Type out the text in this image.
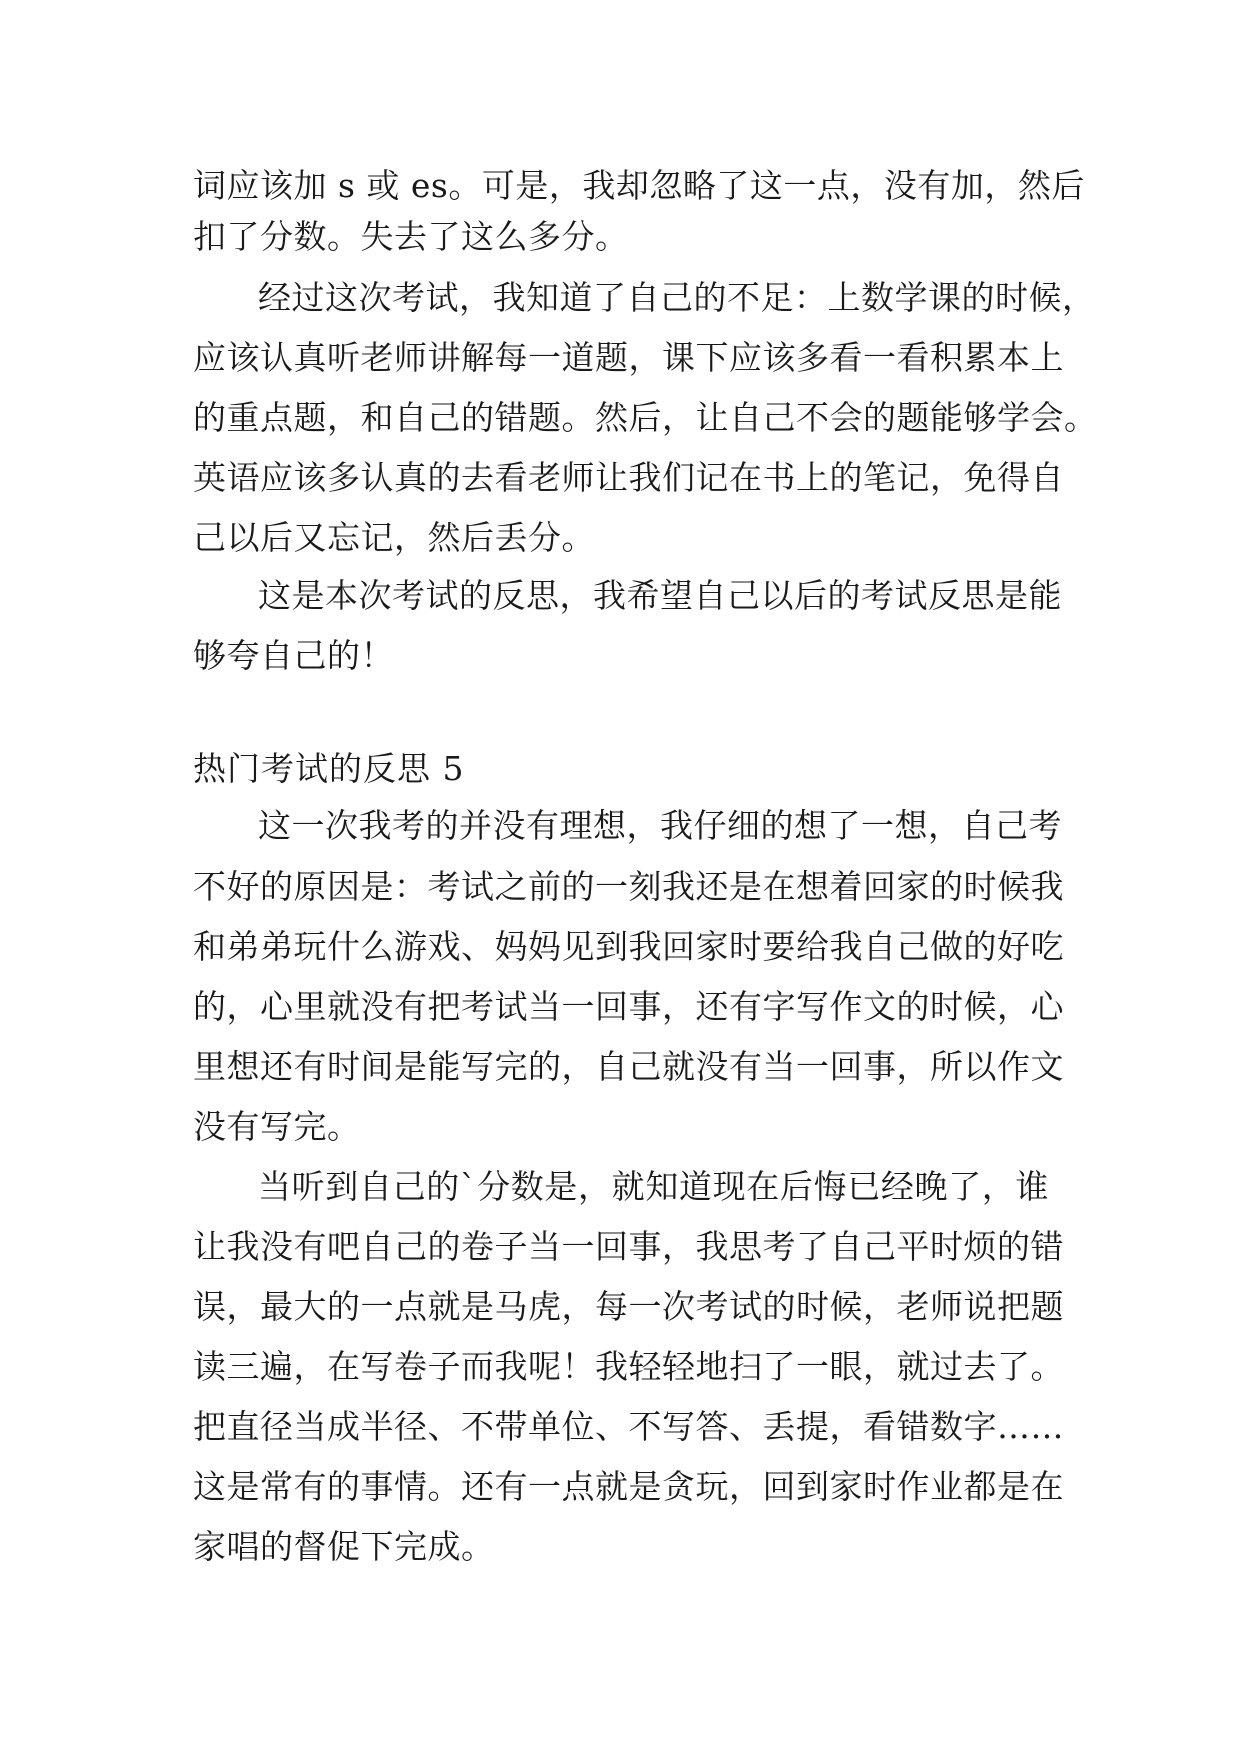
词应该加 s 或 es。可是，我却忽略了这一点，没有加，然后
扣了分数。失去了这么多分。
经过这次考试，我知道了自己的不足：上数学课的时候，
应该认真听老师讲解每一道题，课下应该多看一看积累本上
的重点题，和自己的错题。然后，让自己不会的题能够学会。
英语应该多认真的去看老师让我们记在书上的笔记，免得自
己以后又忘记，然后丢分。
这是本次考试的反思，我希望自己以后的考试反思是能
够夸自己的！
热门考试的反思 5
这一次我考的并没有理想，我仔细的想了一想，自己考
不好的原因是：考试之前的一刻我还是在想着回家的时候我
和弟弟玩什么游戏、妈妈见到我回家时要给我自己做的好吃
的，心里就没有把考试当一回事，还有字写作文的时候，心
里想还有时间是能写完的，自己就没有当一回事，所以作文
没有写完。
当听到自己的`分数是，就知道现在后悔已经晚了，谁
让我没有吧自己的卷子当一回事，我思考了自己平时烦的错
误，最大的一点就是马虎，每一次考试的时候，老师说把题
读三遍，在写卷子而我呢！我轻轻地扫了一眼，就过去了。
把直径当成半径、不带单位、不写答、丢提，看错数字……
这是常有的事情。还有一点就是贪玩，回到家时作业都是在
家唱的督促下完成。
